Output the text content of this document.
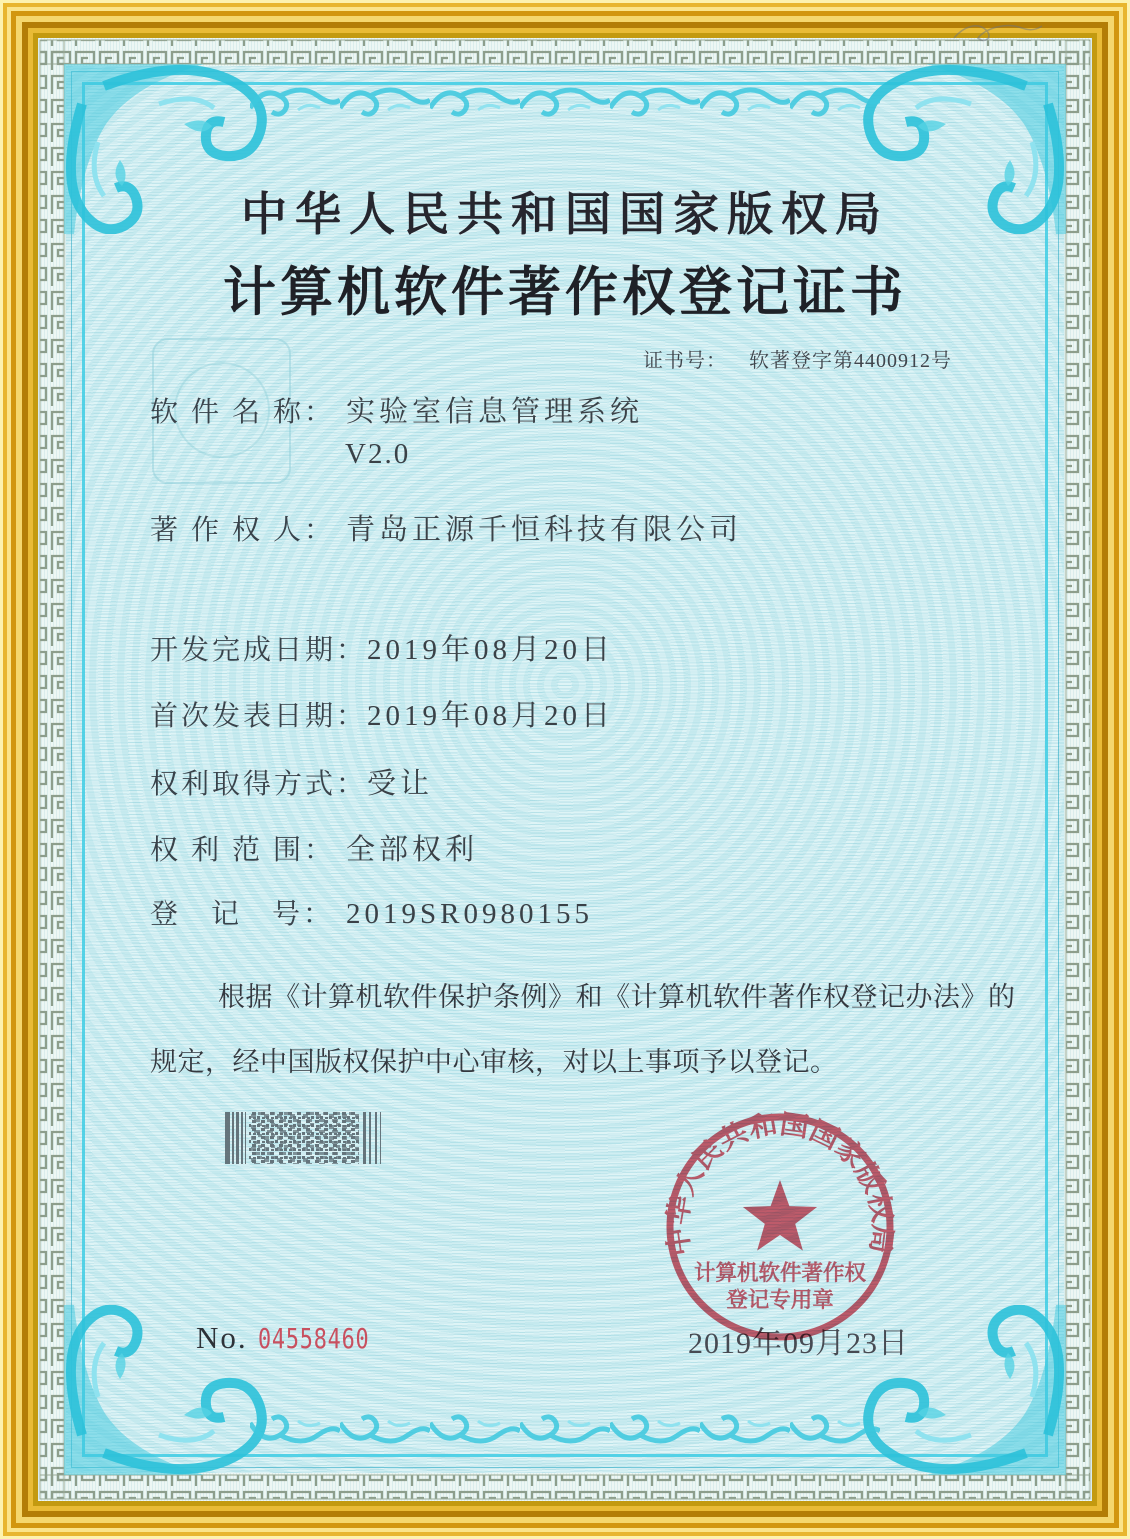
中华人民共和国国家版权局
计算机软件著作权登记证书
证书号： 软著登字第4400912号
软 件 名 称： 实验室信息管理系统
V2.0
著 作 权 人： 青岛正源千恒科技有限公司
开发完成日期：2019年08月20日
首次发表日期：2019年08月20日
权利取得方式：受让
权 利 范 围： 全部权利
登   记   号： 2019SR0980155
根据《计算机软件保护条例》和《计算机软件著作权登记办法》的
规定，经中国版权保护中心审核，对以上事项予以登记。
2019年09月23日
中华人民共和国国家版权局
计算机软件著作权
登记专用章
No. 04558460
